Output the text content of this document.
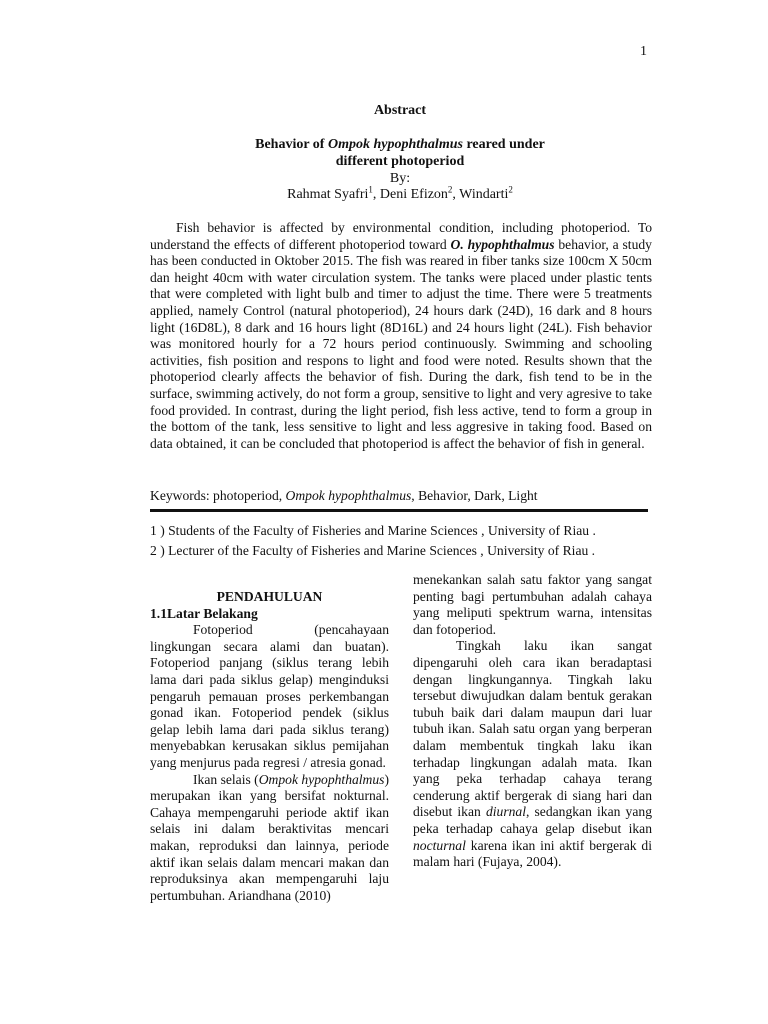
1
Abstract
Behavior of Ompok hypophthalmus reared under
different photoperiod
By:
Rahmat Syafri$^1$, Deni Efizon$^2$, Windarti$^2$

Fish behavior is affected by environmental condition, including photoperiod. To understand the effects of different photoperiod toward O. hypophthalmus behavior, a study has been conducted in Oktober 2015. The fish was reared in fiber tanks size 100cm X 50cm dan height 40cm with water circulation system. The tanks were placed under plastic tents that were completed with light bulb and timer to adjust the time. There were 5 treatments applied, namely Control (natural photoperiod), 24 hours dark (24D), 16 dark and 8 hours light (16D8L), 8 dark and 16 hours light (8D16L) and 24 hours light (24L). Fish behavior was monitored hourly for a 72 hours period continuously. Swimming and schooling activities, fish position and respons to light and food were noted. Results shown that the photoperiod clearly affects the behavior of fish. During the dark, fish tend to be in the surface, swimming actively, do not form a group, sensitive to light and very agresive to take food provided. In contrast, during the light period, fish less active, tend to form a group in the bottom of the tank, less sensitive to light and less aggresive in taking food. Based on data obtained, it can be concluded that photoperiod is affect the behavior of fish in general.

Keywords: photoperiod, Ompok hypophthalmus, Behavior, Dark, Light

1 ) Students of the Faculty of Fisheries and Marine Sciences , University of Riau .
2 ) Lecturer of the Faculty of Fisheries and Marine Sciences , University of Riau .

PENDAHULUAN

1.1Latar Belakang

Fotoperiod (pencahayaan lingkungan secara alami dan buatan). Fotoperiod panjang (siklus terang lebih lama dari pada siklus gelap) menginduksi pengaruh pemauan proses perkembangan gonad ikan. Fotoperiod pendek (siklus gelap lebih lama dari pada siklus terang) menyebabkan kerusakan siklus pemijahan yang menjurus pada regresi / atresia gonad.

Ikan selais (Ompok hypophthalmus) merupakan ikan yang bersifat nokturnal. Cahaya mempengaruhi periode aktif ikan selais ini dalam beraktivitas mencari makan, reproduksi dan lainnya, periode aktif ikan selais dalam mencari makan dan reproduksinya akan mempengaruhi laju pertumbuhan. Ariandhana (2010)

menekankan salah satu faktor yang sangat penting bagi pertumbuhan adalah cahaya yang meliputi spektrum warna, intensitas dan fotoperiod.

Tingkah laku ikan sangat dipengaruhi oleh cara ikan beradaptasi dengan lingkungannya. Tingkah laku tersebut diwujudkan dalam bentuk gerakan tubuh baik dari dalam maupun dari luar tubuh ikan. Salah satu organ yang berperan dalam membentuk tingkah laku ikan terhadap lingkungan adalah mata. Ikan yang peka terhadap cahaya terang cenderung aktif bergerak di siang hari dan disebut ikan diurnal, sedangkan ikan yang peka terhadap cahaya gelap disebut ikan nocturnal karena ikan ini aktif bergerak di malam hari (Fujaya, 2004).
